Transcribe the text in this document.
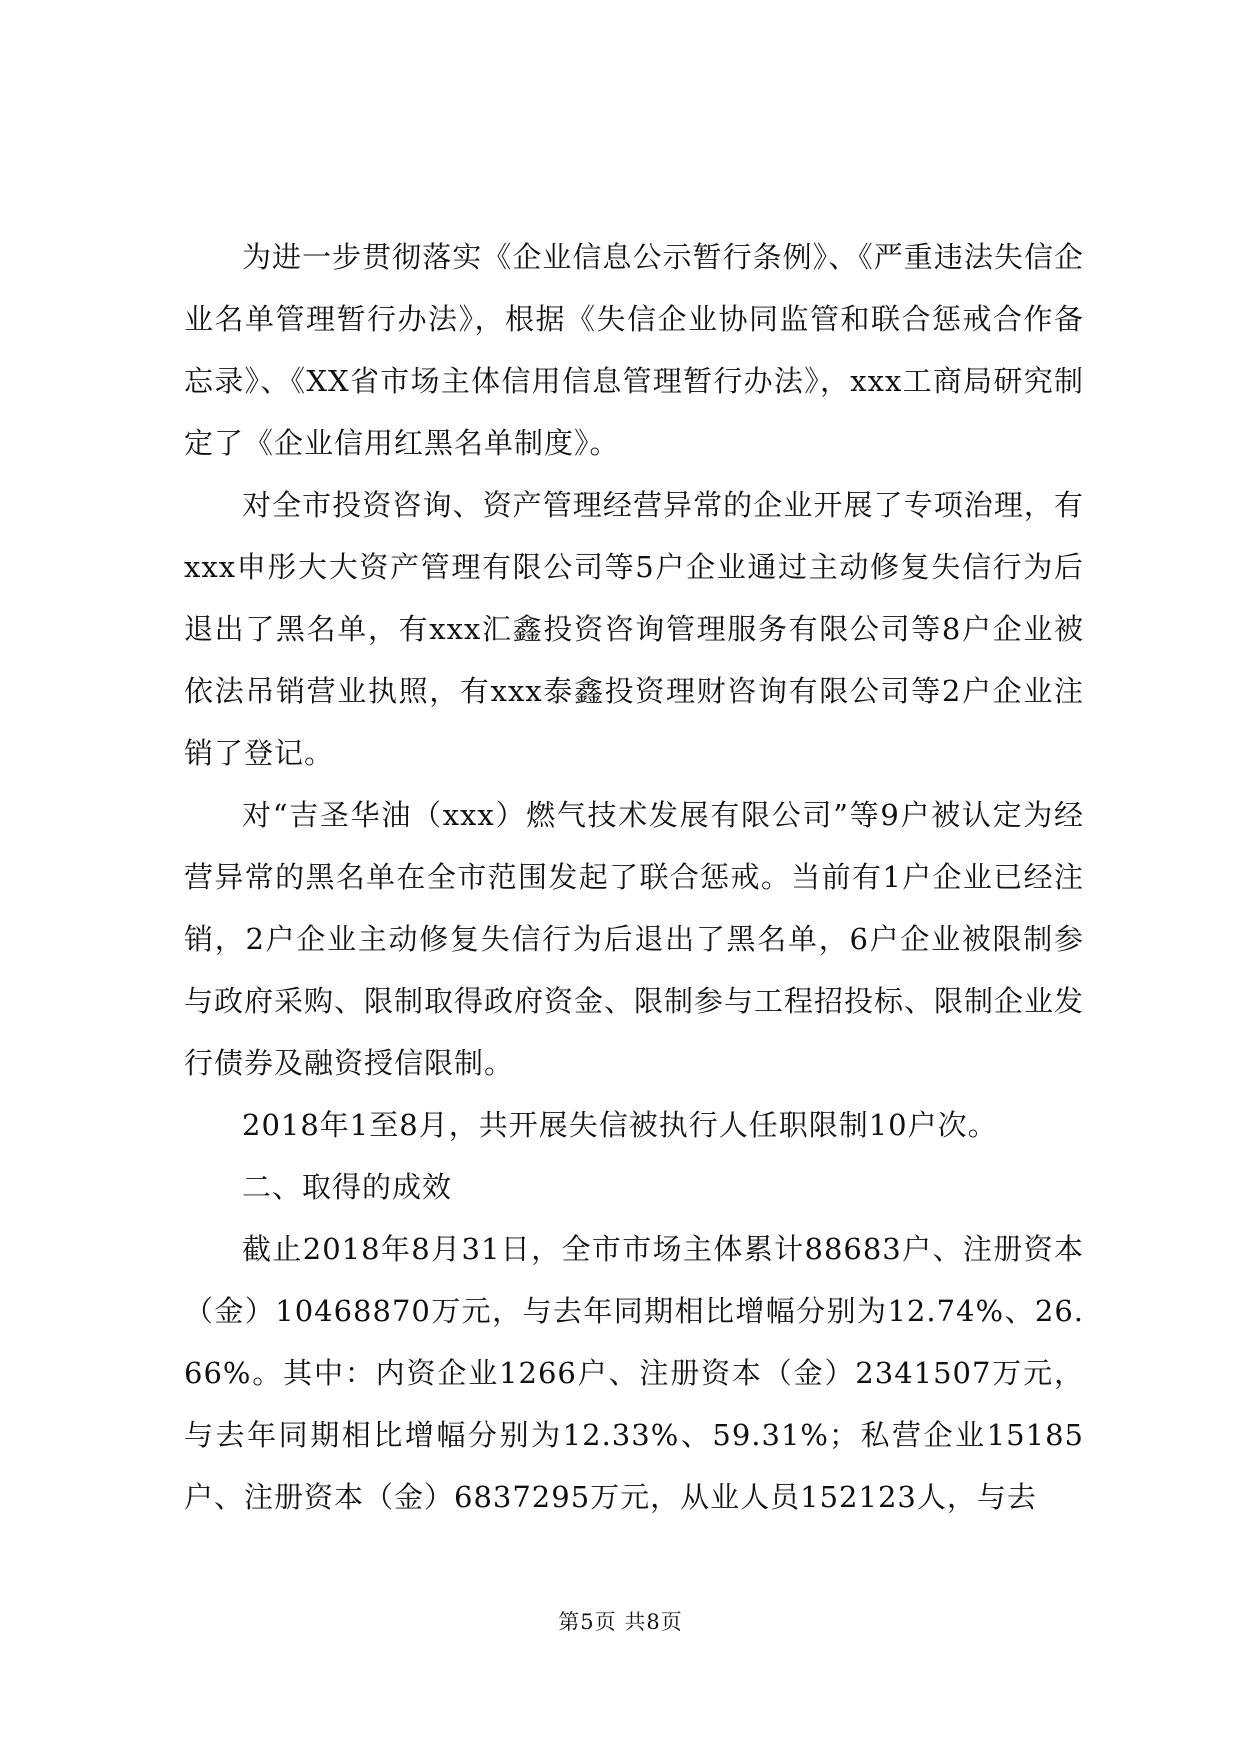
为进一步贯彻落实《企业信息公示暂行条例》、《严重违法失信企业名单管理暂行办法》，根据《失信企业协同监管和联合惩戒合作备忘录》、《XX省市场主体信用信息管理暂行办法》，xxx工商局研究制定了《企业信用红黑名单制度》。

对全市投资咨询、资产管理经营异常的企业开展了专项治理，有xxx申彤大大资产管理有限公司等5户企业通过主动修复失信行为后退出了黑名单，有xxx汇鑫投资咨询管理服务有限公司等8户企业被依法吊销营业执照，有xxx泰鑫投资理财咨询有限公司等2户企业注销了登记。

对“吉圣华油（xxx）燃气技术发展有限公司”等9户被认定为经营异常的黑名单在全市范围发起了联合惩戒。当前有1户企业已经注销，2户企业主动修复失信行为后退出了黑名单，6户企业被限制参与政府采购、限制取得政府资金、限制参与工程招投标、限制企业发行债券及融资授信限制。

2018年1至8月，共开展失信被执行人任职限制10户次。

二、取得的成效

截止2018年8月31日，全市市场主体累计88683户、注册资本（金）10468870万元，与去年同期相比增幅分别为12.74%、26.66%。其中：内资企业1266户、注册资本（金）2341507万元，与去年同期相比增幅分别为12.33%、59.31%；私营企业15185户、注册资本（金）6837295万元，从业人员152123人，与去

第5页 共8页
